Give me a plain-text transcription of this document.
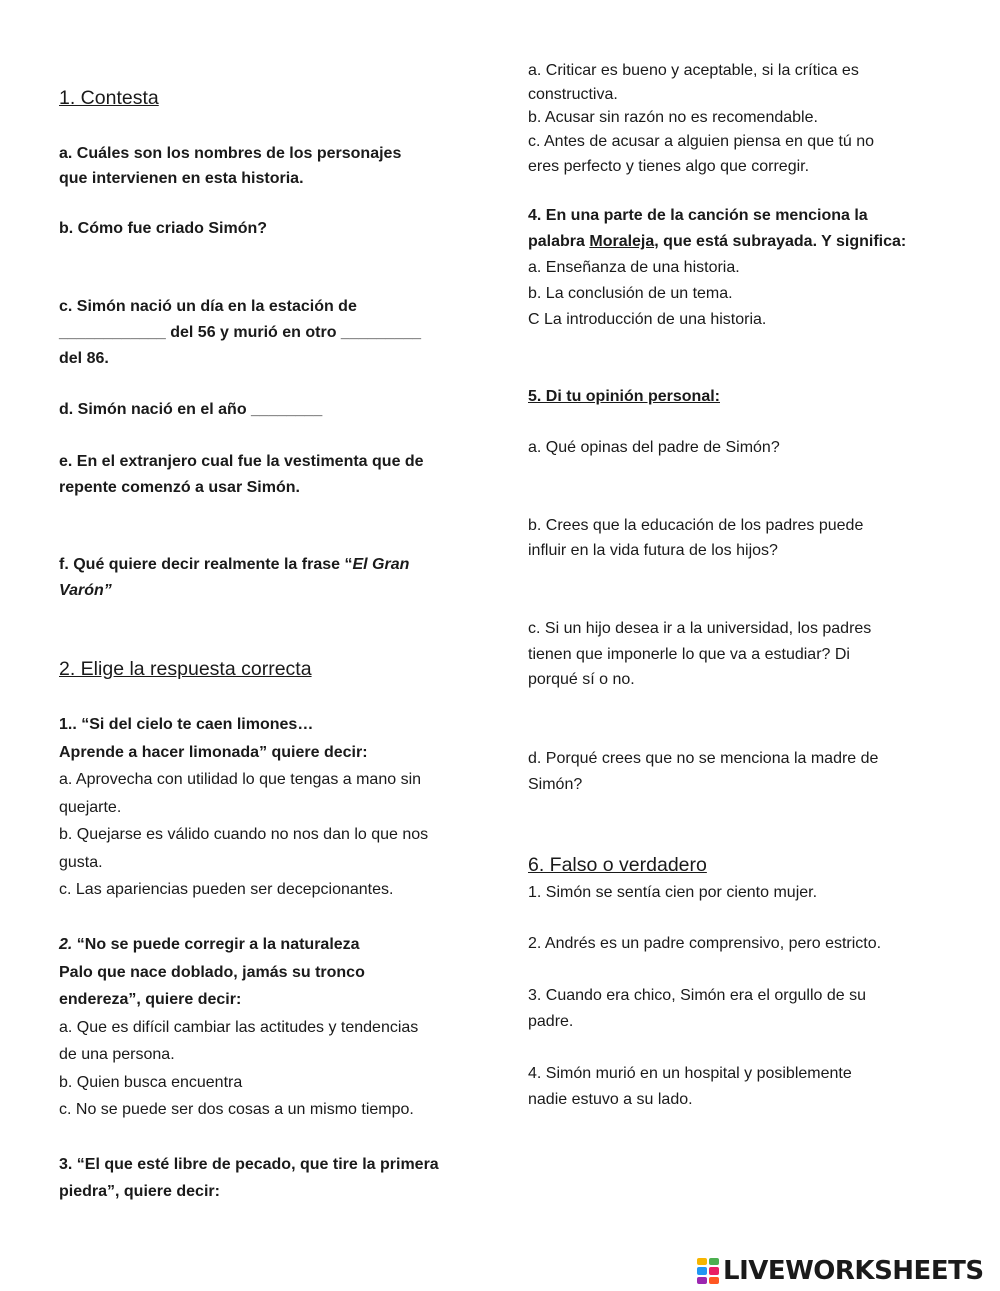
1. Contesta
a. Cuáles son los nombres de los personajes
que intervienen en esta historia.
b. Cómo fue criado Simón?
c. Simón nació un día en la estación de
____________ del 56 y murió en otro _________
del 86.
d. Simón nació en el año ________
e. En el extranjero cual fue la vestimenta que de
repente comenzó a usar Simón.
f. Qué quiere decir realmente la frase “El Gran
Varón”
2. Elige la respuesta correcta
1.. “Si del cielo te caen limones…
Aprende a hacer limonada” quiere decir:
a. Aprovecha con utilidad lo que tengas a mano sin
quejarte.
b. Quejarse es válido cuando no nos dan lo que nos
gusta.
c. Las apariencias pueden ser decepcionantes.
2. “No se puede corregir a la naturaleza
Palo que nace doblado, jamás su tronco
endereza”, quiere decir:
a. Que es difícil cambiar las actitudes y tendencias
de una persona.
b. Quien busca encuentra
c. No se puede ser dos cosas a un mismo tiempo.
3. “El que esté libre de pecado, que tire la primera
piedra”, quiere decir:
a. Criticar es bueno y aceptable, si la crítica es
constructiva.
b. Acusar sin razón no es recomendable.
c. Antes de acusar a alguien piensa en que tú no
eres perfecto y tienes algo que corregir.
4. En una parte de la canción se menciona la
palabra Moraleja, que está subrayada. Y significa:
a. Enseñanza de una historia.
b. La conclusión de un tema.
C La introducción de una historia.
5. Di tu opinión personal:
a. Qué opinas del padre de Simón?
b. Crees que la educación de los padres puede
influir en la vida futura de los hijos?
c. Si un hijo desea ir a la universidad, los padres
tienen que imponerle lo que va a estudiar? Di
porqué sí o no.
d. Porqué crees que no se menciona la madre de
Simón?
6. Falso o verdadero
1. Simón se sentía cien por ciento mujer.
2. Andrés es un padre comprensivo, pero estricto.
3. Cuando era chico, Simón era el orgullo de su
padre.
4. Simón murió en un hospital y posiblemente
nadie estuvo a su lado.
LIVEWORKSHEETS
